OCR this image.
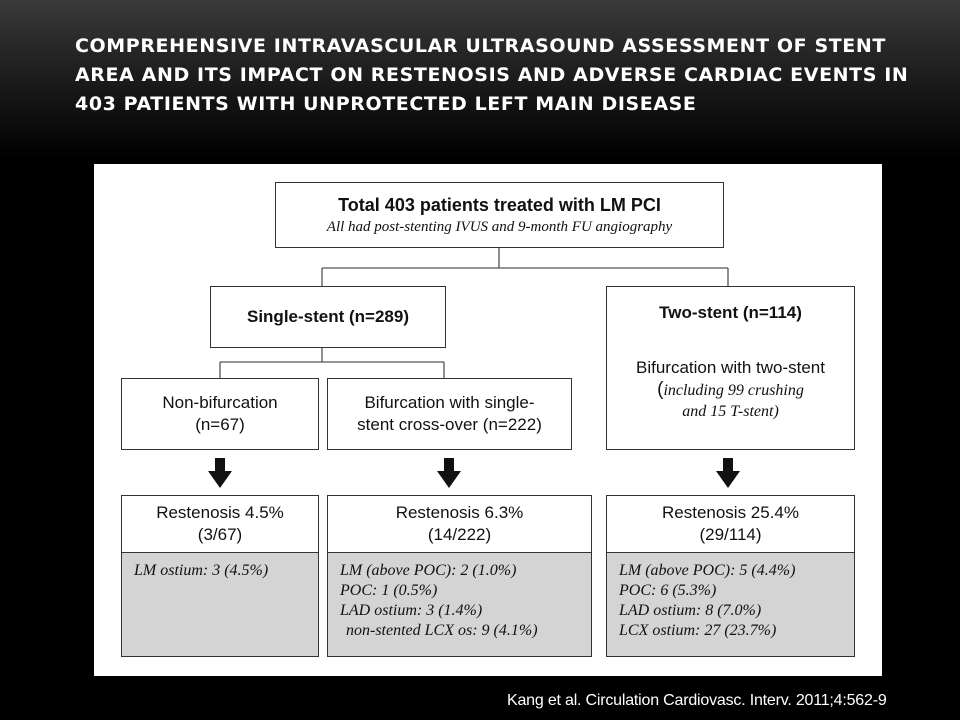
COMPREHENSIVE INTRAVASCULAR ULTRASOUND ASSESSMENT OF STENT AREA AND ITS IMPACT ON RESTENOSIS AND ADVERSE CARDIAC EVENTS IN 403 PATIENTS WITH UNPROTECTED LEFT MAIN DISEASE
Total 403 patients treated with LM PCI
All had post-stenting IVUS and 9-month FU angiography
Single-stent (n=289)	Two-stent (n=114)
Bifurcation with two-stent
(including 99 crushing
and 15 T-stent)
Non-bifurcation
(n=67)
Bifurcation with single-
stent cross-over (n=222)
Restenosis 4.5%
(3/67)
Restenosis 6.3%
(14/222)
Restenosis 25.4%
(29/114)
LM ostium: 3 (4.5%)	LM (above POC): 2 (1.0%)
POC: 1 (0.5%)
LAD ostium: 3 (1.4%)
non-stented LCX os: 9 (4.1%)
LM (above POC): 5 (4.4%)
POC: 6 (5.3%)
LAD ostium: 8 (7.0%)
LCX ostium: 27 (23.7%)
Kang et al. Circulation Cardiovasc. Interv. 2011;4:562-9
